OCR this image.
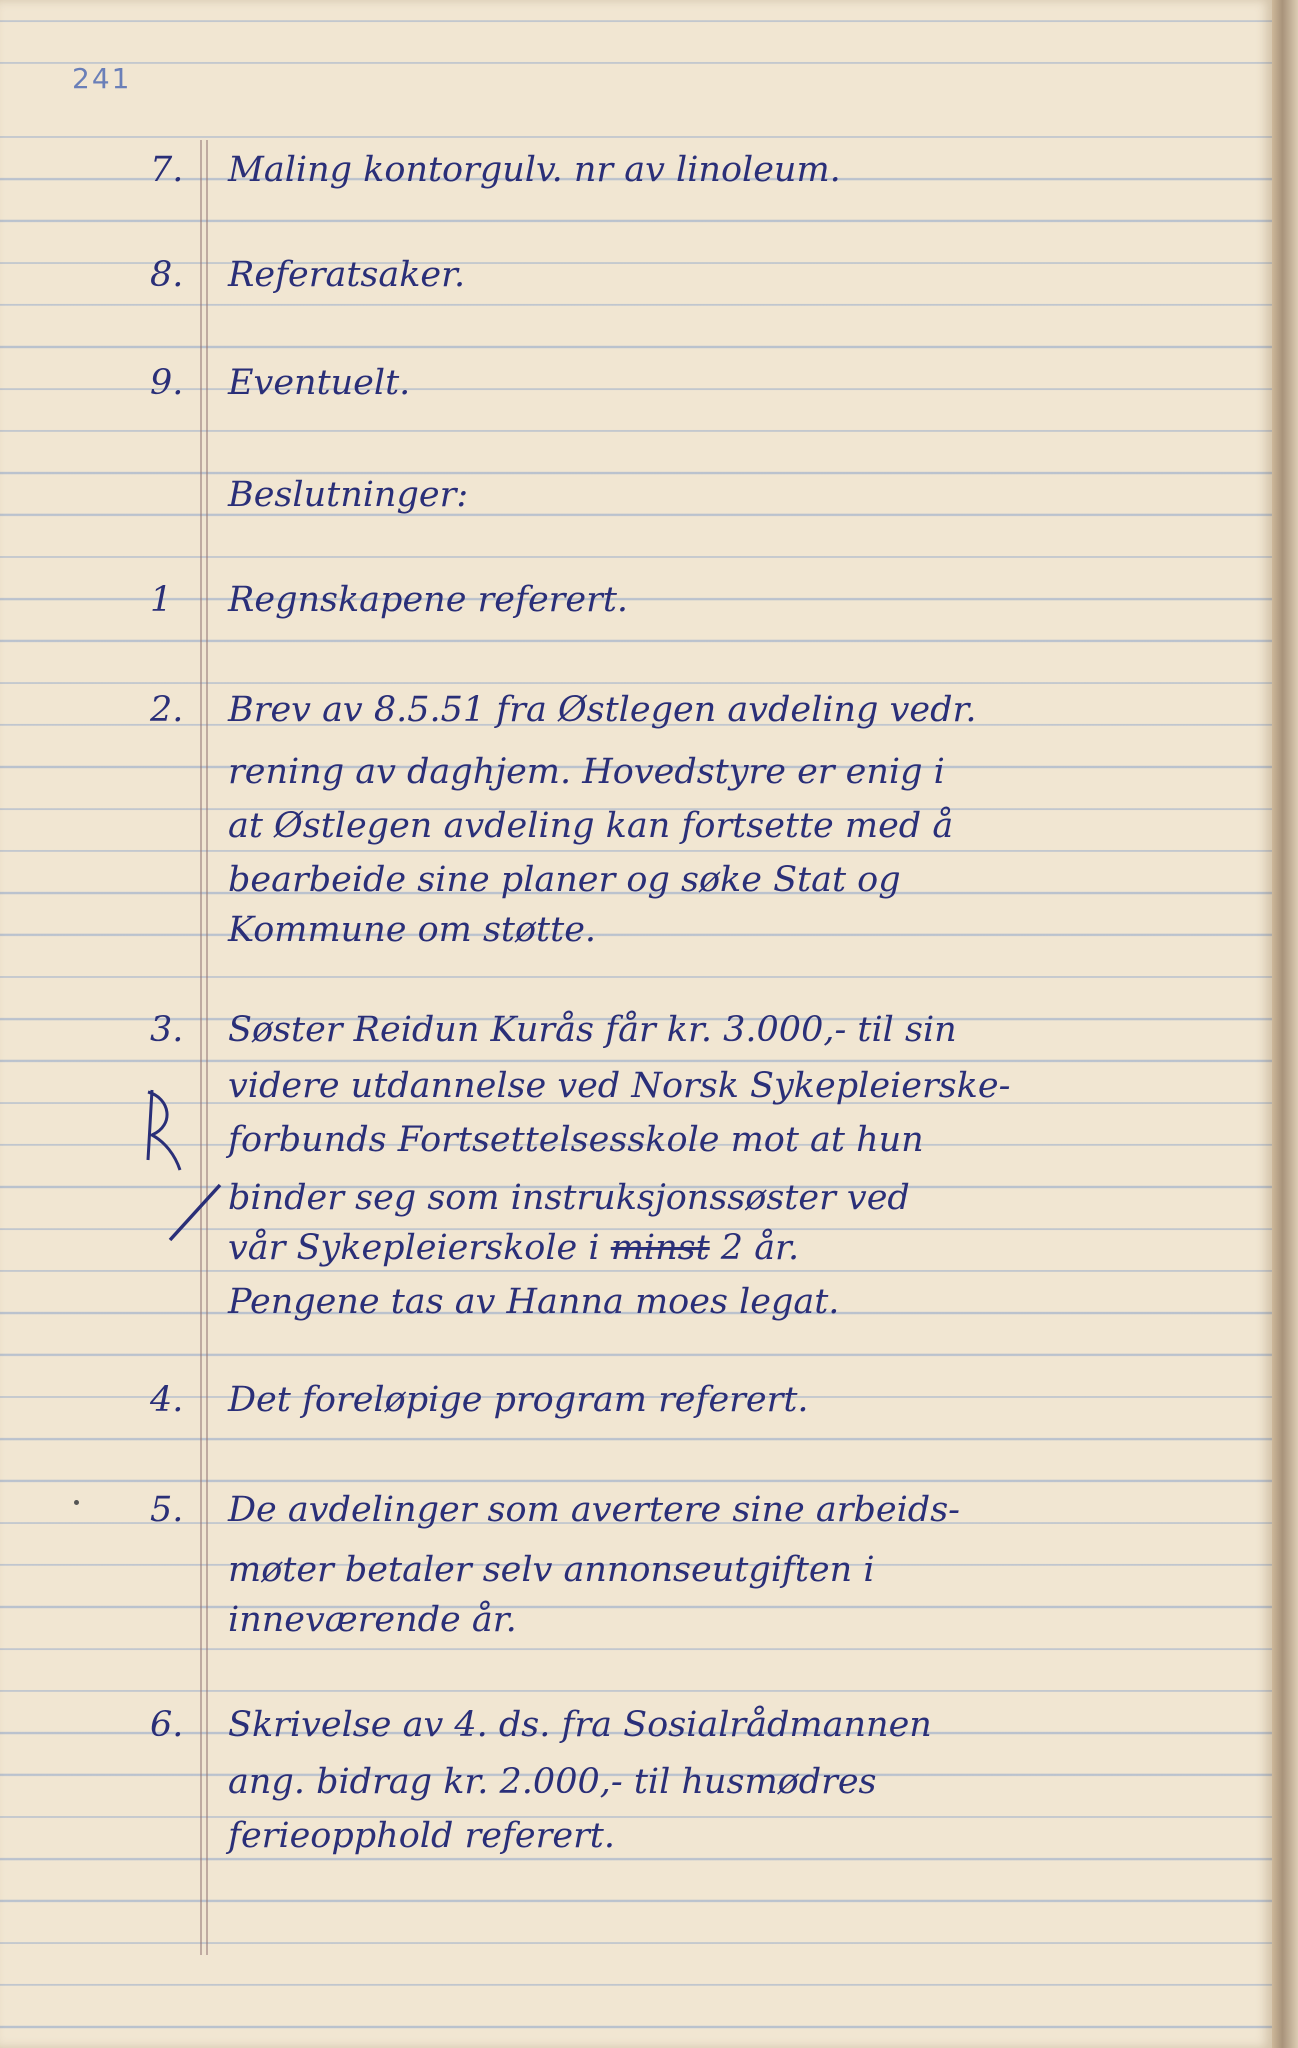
241
7.	Maling kontorgulv. nr av linoleum.
8.	Referatsaker.
9.	Eventuelt.
Beslutninger:
1	Regnskapene referert.
2.	Brev av 8.5.51 fra Østlegen avdeling vedr.
rening av daghjem. Hovedstyre er enig i
at Østlegen avdeling kan fortsette med å
bearbeide sine planer og søke Stat og
Kommune om støtte.
3.	Søster Reidun Kurås får kr. 3.000,- til sin
videre utdannelse ved Norsk Sykepleierske-
forbunds Fortsettelsesskole mot at hun
binder seg som instruksjonssøster ved
vår Sykepleierskole i minst 2 år.
Pengene tas av Hanna moes legat.
R.
4.	Det foreløpige program referert.
5.	De avdelinger som avertere sine arbeids-
møter betaler selv annonseutgiften i
inneværende år.
6.	Skrivelse av 4. ds. fra Sosialrådmannen
ang. bidrag kr. 2.000,- til husmødres
ferieopphold referert.
